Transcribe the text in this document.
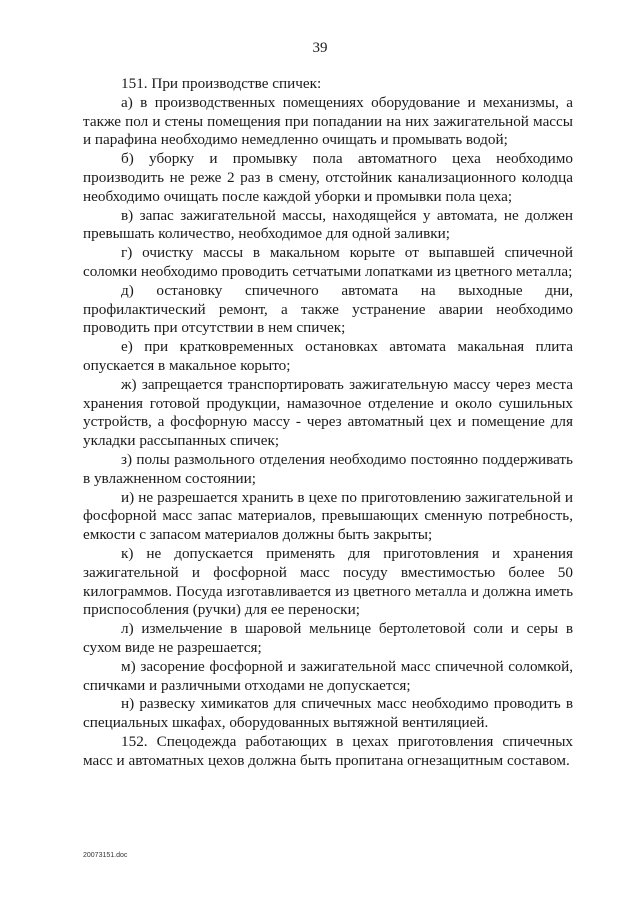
39

151. При производстве спичек:

а) в производственных помещениях оборудование и механизмы, а также пол и стены помещения при попадании на них зажигательной массы и парафина необходимо немедленно очищать и промывать водой;

б) уборку и промывку пола автоматного цеха необходимо производить не реже 2 раз в смену, отстойник канализационного колодца необходимо очищать после каждой уборки и промывки пола цеха;

в) запас зажигательной массы, находящейся у автомата, не должен превышать количество, необходимое для одной заливки;

г) очистку массы в макальном корыте от выпавшей спичечной соломки необходимо проводить сетчатыми лопатками из цветного металла;

д) остановку спичечного автомата на выходные дни, профилактический ремонт, а также устранение аварии необходимо проводить при отсутствии в нем спичек;

е) при кратковременных остановках автомата макальная плита опускается в макальное корыто;

ж) запрещается транспортировать зажигательную массу через места хранения готовой продукции, намазочное отделение и около сушильных устройств, а фосфорную массу - через автоматный цех и помещение для укладки рассыпанных спичек;

з) полы размольного отделения необходимо постоянно поддерживать в увлажненном состоянии;

и) не разрешается хранить в цехе по приготовлению зажигательной и фосфорной масс запас материалов, превышающих сменную потребность, емкости с запасом материалов должны быть закрыты;

к) не допускается применять для приготовления и хранения зажигательной и фосфорной масс посуду вместимостью более 50 килограммов. Посуда изготавливается из цветного металла и должна иметь приспособления (ручки) для ее переноски;

л) измельчение в шаровой мельнице бертолетовой соли и серы в сухом виде не разрешается;

м) засорение фосфорной и зажигательной масс спичечной соломкой, спичками и различными отходами не допускается;

н) развеску химикатов для спичечных масс необходимо проводить в специальных шкафах, оборудованных вытяжной вентиляцией.

152. Спецодежда работающих в цехах приготовления спичечных масс и автоматных цехов должна быть пропитана огнезащитным составом.

20073151.doc
